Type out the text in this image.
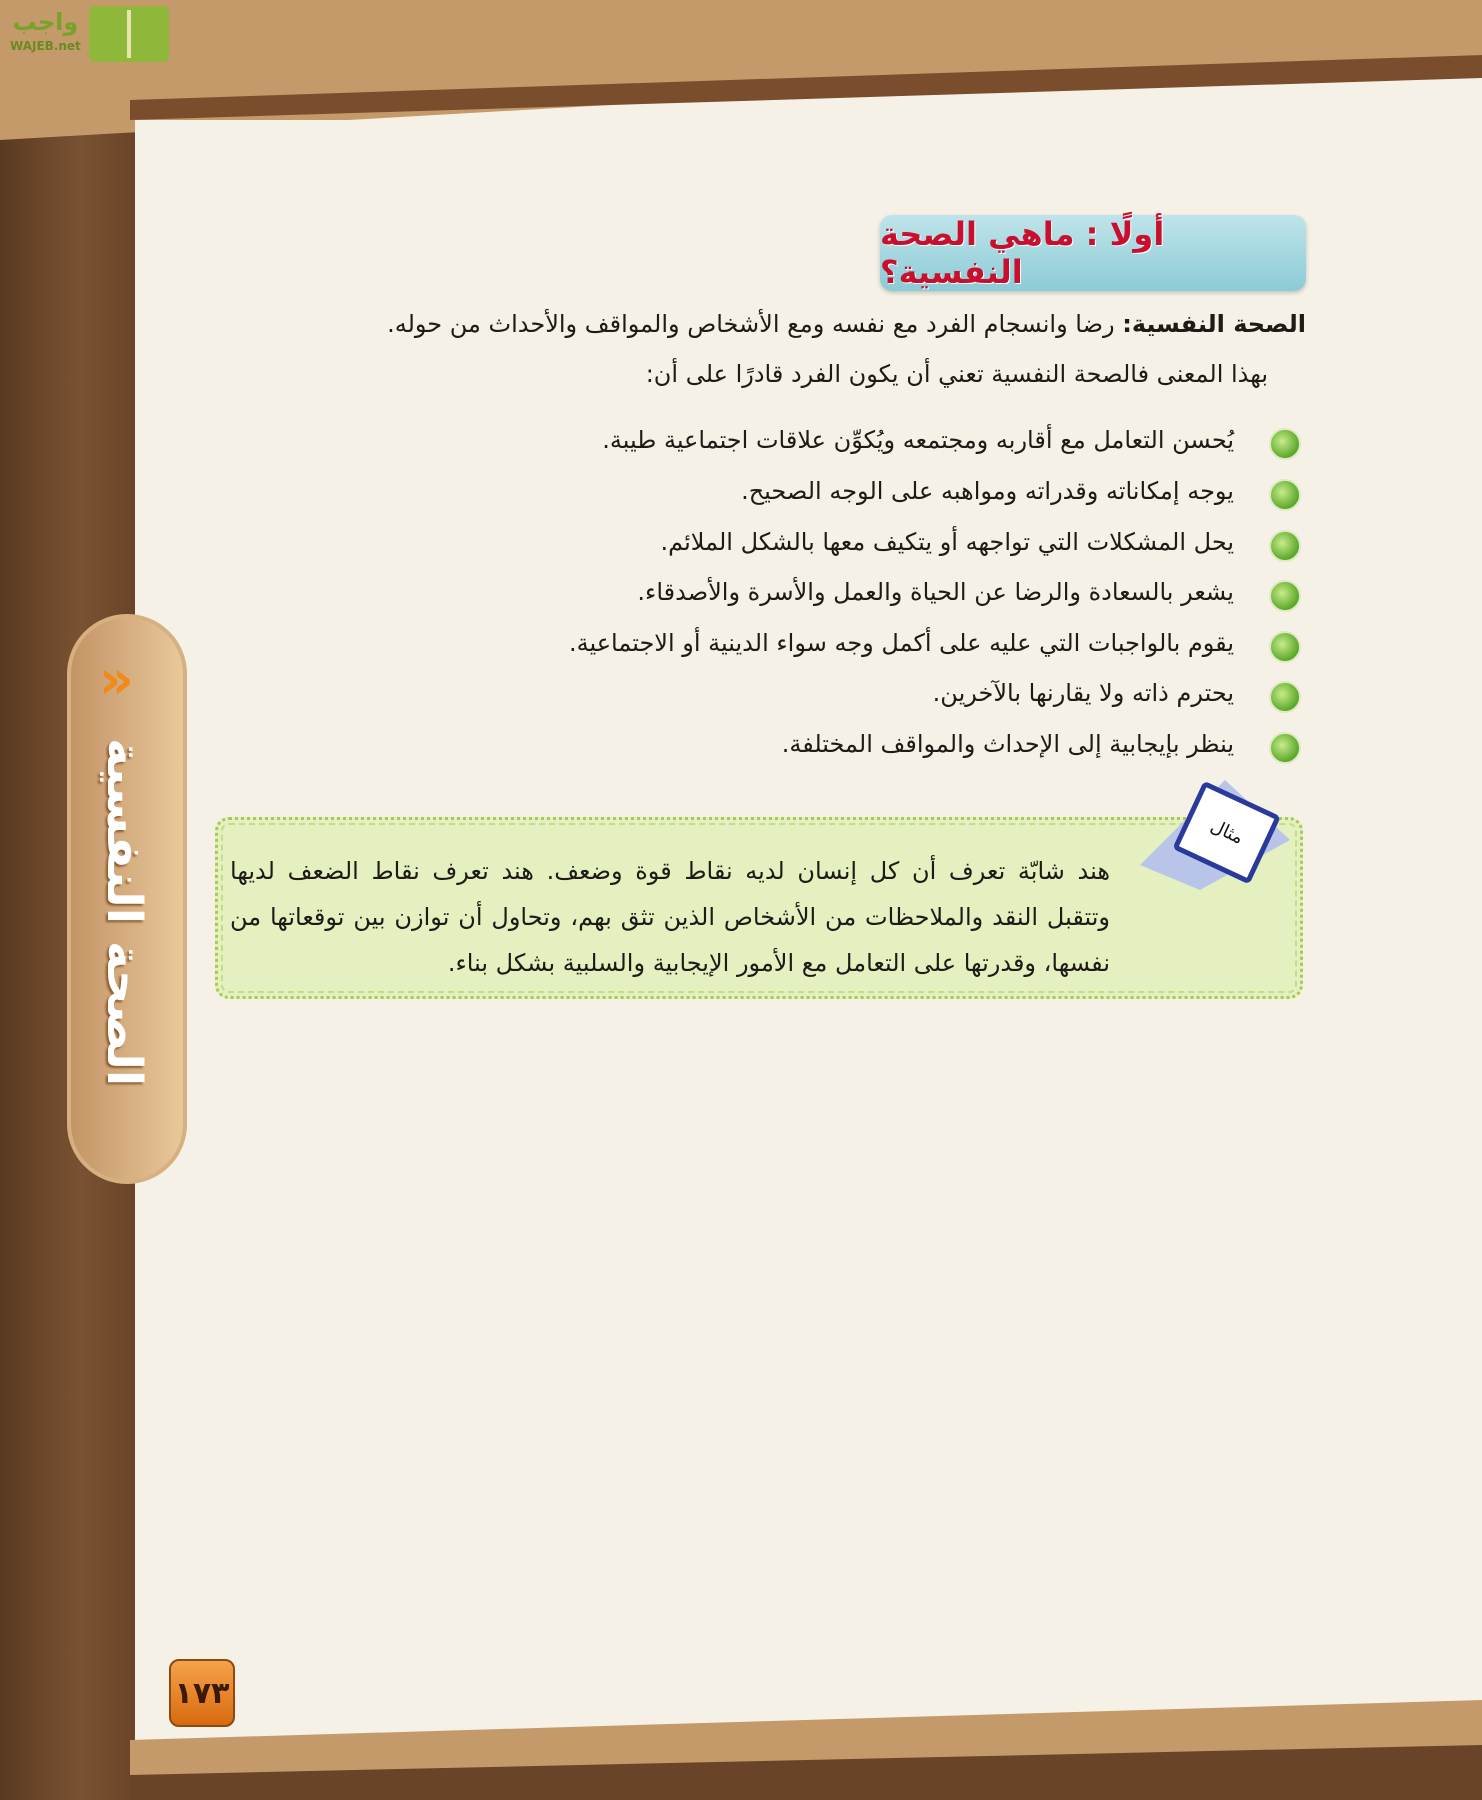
واجب
WAJEB.net
»
الصحة النفسية
أولًا : ماهي الصحة النفسية؟
الصحة النفسية: رضا وانسجام الفرد مع نفسه ومع الأشخاص والمواقف والأحداث من حوله.
بهذا المعنى فالصحة النفسية تعني أن يكون الفرد قادرًا على أن:
يُحسن التعامل مع أقاربه ومجتمعه ويُكوِّن علاقات اجتماعية طيبة.
يوجه إمكاناته وقدراته ومواهبه على الوجه الصحيح.
يحل المشكلات التي تواجهه أو يتكيف معها بالشكل الملائم.
يشعر بالسعادة والرضا عن الحياة والعمل والأسرة والأصدقاء.
يقوم بالواجبات التي عليه على أكمل وجه سواء الدينية أو الاجتماعية.
يحترم ذاته ولا يقارنها بالآخرين.
ينظر بإيجابية إلى الإحداث والمواقف المختلفة.
مثال
هند شابّة تعرف أن كل إنسان لديه نقاط قوة وضعف. هند تعرف نقاط الضعف لديها وتتقبل النقد والملاحظات من الأشخاص الذين تثق بهم، وتحاول أن توازن بين توقعاتها من نفسها، وقدرتها على التعامل مع الأمور الإيجابية والسلبية بشكل بناء.
١٧٣
